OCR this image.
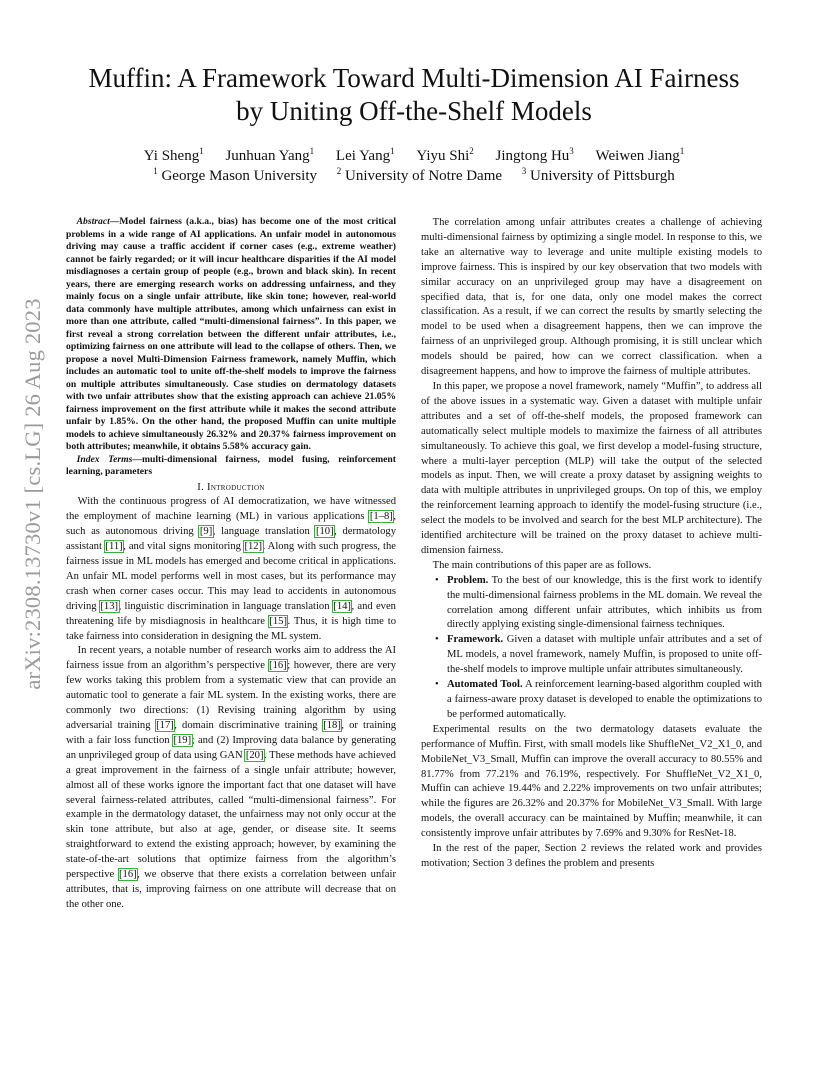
arXiv:2308.13730v1 [cs.LG] 26 Aug 2023
Muffin: A Framework Toward Multi-Dimension AI Fairness
by Uniting Off-the-Shelf Models
Yi Sheng$^1$ Junhuan Yang$^1$ Lei Yang$^1$ Yiyu Shi$^2$ Jingtong Hu$^3$ Weiwen Jiang$^1$
$^1$ George Mason University $^2$ University of Notre Dame $^3$ University of Pittsburgh

Abstract—Model fairness (a.k.a., bias) has become one of the most critical problems in a wide range of AI applications. An unfair model in autonomous driving may cause a traffic accident if corner cases (e.g., extreme weather) cannot be fairly regarded; or it will incur healthcare disparities if the AI model misdiagnoses a certain group of people (e.g., brown and black skin). In recent years, there are emerging research works on addressing unfairness, and they mainly focus on a single unfair attribute, like skin tone; however, real-world data commonly have multiple attributes, among which unfairness can exist in more than one attribute, called “multi-dimensional fairness”. In this paper, we first reveal a strong correlation between the different unfair attributes, i.e., optimizing fairness on one attribute will lead to the collapse of others. Then, we propose a novel Multi-Dimension Fairness framework, namely Muffin, which includes an automatic tool to unite off-the-shelf models to improve the fairness on multiple attributes simultaneously. Case studies on dermatology datasets with two unfair attributes show that the existing approach can achieve 21.05% fairness improvement on the first attribute while it makes the second attribute unfair by 1.85%. On the other hand, the proposed Muffin can unite multiple models to achieve simultaneously 26.32% and 20.37% fairness improvement on both attributes; meanwhile, it obtains 5.58% accuracy gain.

Index Terms—multi-dimensional fairness, model fusing, reinforcement learning, parameters

I. Introduction

With the continuous progress of AI democratization, we have witnessed the employment of machine learning (ML) in various applications [1–8], such as autonomous driving [9], language translation [10], dermatology assistant [11], and vital signs monitoring [12]. Along with such progress, the fairness issue in ML models has emerged and become critical in applications. An unfair ML model performs well in most cases, but its performance may crash when corner cases occur. This may lead to accidents in autonomous driving [13], linguistic discrimination in language translation [14], and even threatening life by misdiagnosis in healthcare [15]. Thus, it is high time to take fairness into consideration in designing the ML system.

In recent years, a notable number of research works aim to address the AI fairness issue from an algorithm’s perspective [16]; however, there are very few works taking this problem from a systematic view that can provide an automatic tool to generate a fair ML system. In the existing works, there are commonly two directions: (1) Revising training algorithm by using adversarial training [17], domain discriminative training [18], or training with a fair loss function [19]; and (2) Improving data balance by generating an unprivileged group of data using GAN [20]. These methods have achieved a great improvement in the fairness of a single unfair attribute; however, almost all of these works ignore the important fact that one dataset will have several fairness-related attributes, called “multi-dimensional fairness”. For example in the dermatology dataset, the unfairness may not only occur at the skin tone attribute, but also at age, gender, or disease site. It seems straightforward to extend the existing approach; however, by examining the state-of-the-art solutions that optimize fairness from the algorithm’s perspective [16], we observe that there exists a correlation between unfair attributes, that is, improving fairness on one attribute will decrease that on the other one.

The correlation among unfair attributes creates a challenge of achieving multi-dimensional fairness by optimizing a single model. In response to this, we take an alternative way to leverage and unite multiple existing models to improve fairness. This is inspired by our key observation that two models with similar accuracy on an unprivileged group may have a disagreement on specified data, that is, for one data, only one model makes the correct classification. As a result, if we can correct the results by smartly selecting the model to be used when a disagreement happens, then we can improve the fairness of an unprivileged group. Although promising, it is still unclear which models should be paired, how can we correct classification. when a disagreement happens, and how to improve the fairness of multiple attributes.

In this paper, we propose a novel framework, namely “Muffin”, to address all of the above issues in a systematic way. Given a dataset with multiple unfair attributes and a set of off-the-shelf models, the proposed framework can automatically select multiple models to maximize the fairness of all attributes simultaneously. To achieve this goal, we first develop a model-fusing structure, where a multi-layer perception (MLP) will take the output of the selected models as input. Then, we will create a proxy dataset by assigning weights to data with multiple attributes in unprivileged groups. On top of this, we employ the reinforcement learning approach to identify the model-fusing structure (i.e., select the models to be involved and search for the best MLP architecture). The identified architecture will be trained on the proxy dataset to achieve multi-dimension fairness.

The main contributions of this paper are as follows.

• Problem. To the best of our knowledge, this is the first work to identify the multi-dimensional fairness problems in the ML domain. We reveal the correlation among different unfair attributes, which inhibits us from directly applying existing single-dimensional fairness techniques.
• Framework. Given a dataset with multiple unfair attributes and a set of ML models, a novel framework, namely Muffin, is proposed to unite off-the-shelf models to improve multiple unfair attributes simultaneously.
• Automated Tool. A reinforcement learning-based algorithm coupled with a fairness-aware proxy dataset is developed to enable the optimizations to be performed automatically.

Experimental results on the two dermatology datasets evaluate the performance of Muffin. First, with small models like ShuffleNet_V2_X1_0, and MobileNet_V3_Small, Muffin can improve the overall accuracy to 80.55% and 81.77% from 77.21% and 76.19%, respectively. For ShuffleNet_V2_X1_0, Muffin can achieve 19.44% and 2.22% improvements on two unfair attributes; while the figures are 26.32% and 20.37% for MobileNet_V3_Small. With large models, the overall accuracy can be maintained by Muffin; meanwhile, it can consistently improve unfair attributes by 7.69% and 9.30% for ResNet-18.

In the rest of the paper, Section 2 reviews the related work and provides motivation; Section 3 defines the problem and presents
